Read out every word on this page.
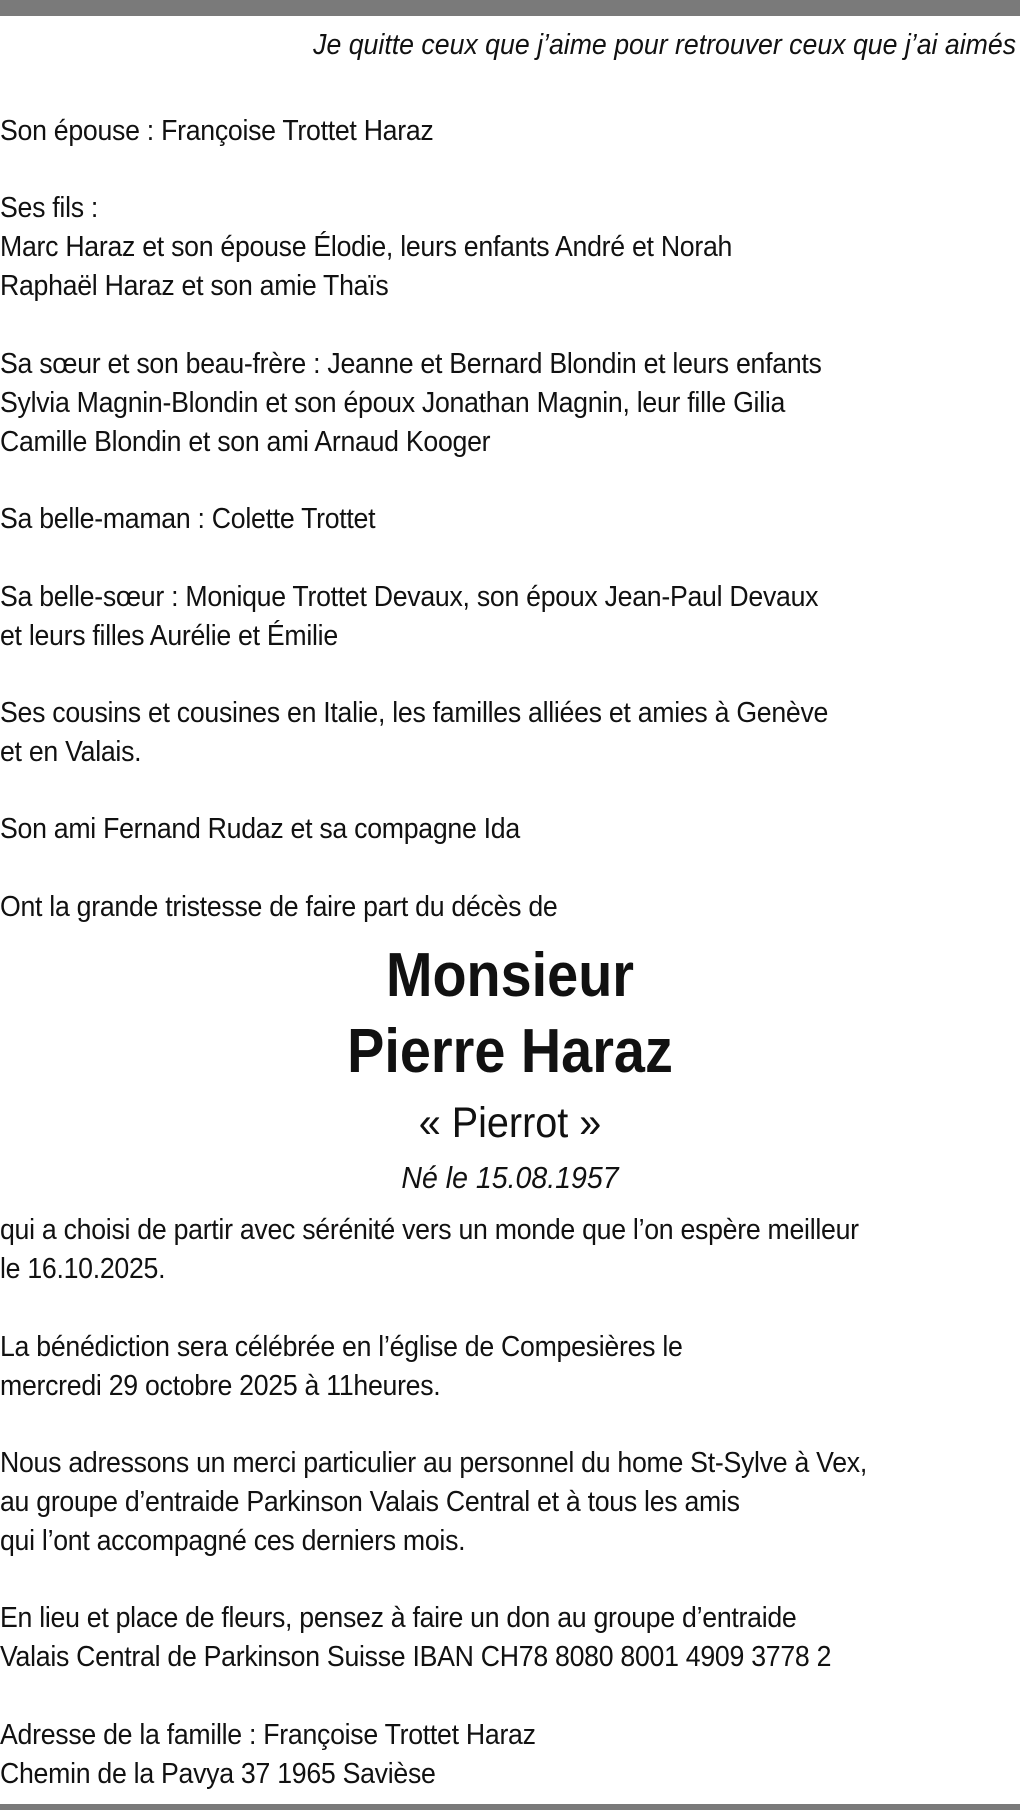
Je quitte ceux que j’aime pour retrouver ceux que j’ai aimés
Son épouse : Françoise Trottet Haraz
Ses fils :
Marc Haraz et son épouse Élodie, leurs enfants André et Norah
Raphaël Haraz et son amie Thaïs
Sa sœur et son beau-frère : Jeanne et Bernard Blondin et leurs enfants
Sylvia Magnin-Blondin et son époux Jonathan Magnin, leur fille Gilia
Camille Blondin et son ami Arnaud Kooger
Sa belle-maman : Colette Trottet
Sa belle-sœur : Monique Trottet Devaux, son époux Jean-Paul Devaux
et leurs filles Aurélie et Émilie
Ses cousins et cousines en Italie, les familles alliées et amies à Genève
et en Valais.
Son ami Fernand Rudaz et sa compagne Ida
Ont la grande tristesse de faire part du décès de
Monsieur
Pierre Haraz
« Pierrot »
Né le 15.08.1957
qui a choisi de partir avec sérénité vers un monde que l’on espère meilleur
le 16.10.2025.
La bénédiction sera célébrée en l’église de Compesières le
mercredi 29 octobre 2025 à 11heures.
Nous adressons un merci particulier au personnel du home St-Sylve à Vex,
au groupe d’entraide Parkinson Valais Central et à tous les amis
qui l’ont accompagné ces derniers mois.
En lieu et place de fleurs, pensez à faire un don au groupe d’entraide
Valais Central de Parkinson Suisse IBAN CH78 8080 8001 4909 3778 2
Adresse de la famille : Françoise Trottet Haraz
Chemin de la Pavya 37 1965 Savièse
